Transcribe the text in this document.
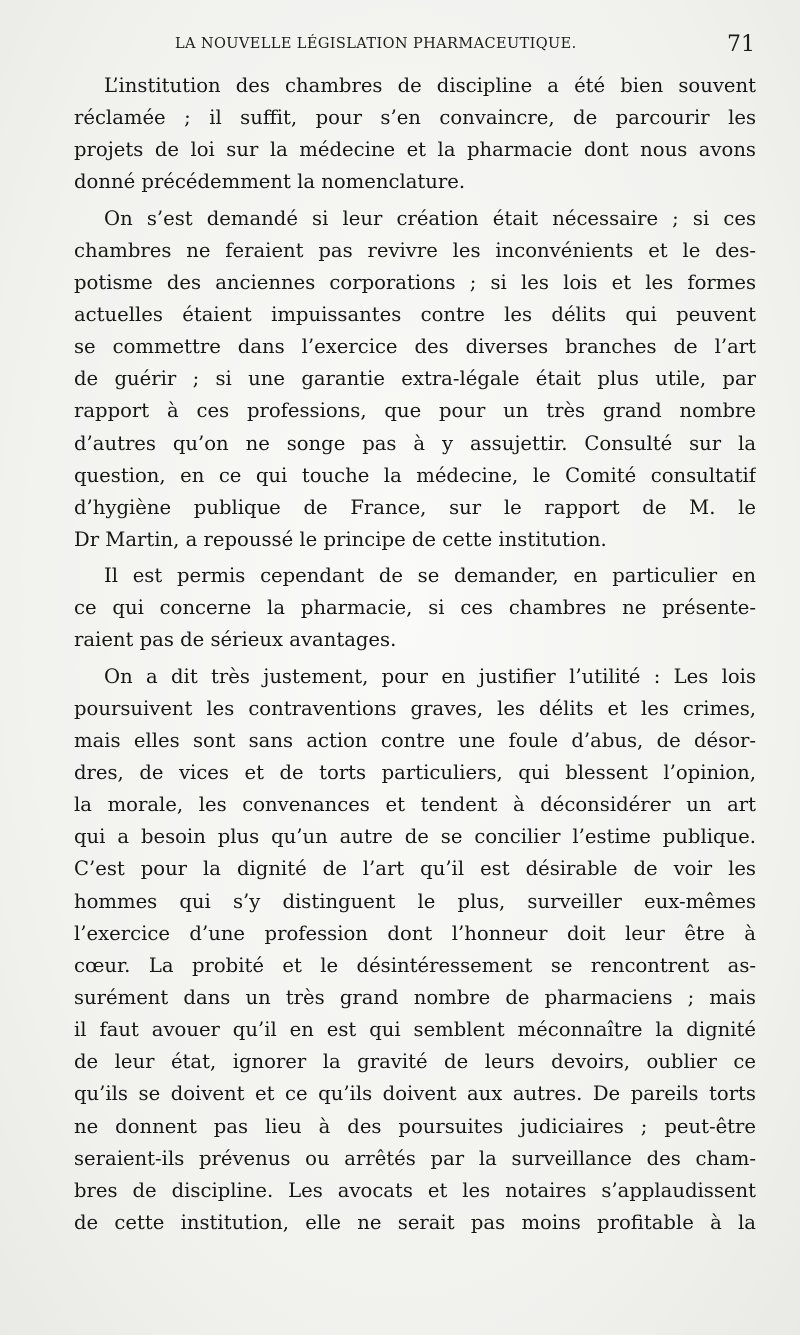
LA NOUVELLE LÉGISLATION PHARMACEUTIQUE.	71
L’institution des chambres de discipline a été bien souvent
réclamée ; il suffit, pour s’en convaincre, de parcourir les
projets de loi sur la médecine et la pharmacie dont nous avons
donné précédemment la nomenclature.
On s’est demandé si leur création était nécessaire ; si ces
chambres ne feraient pas revivre les inconvénients et le des-
potisme des anciennes corporations ; si les lois et les formes
actuelles étaient impuissantes contre les délits qui peuvent
se commettre dans l’exercice des diverses branches de l’art
de guérir ; si une garantie extra-légale était plus utile, par
rapport à ces professions, que pour un très grand nombre
d’autres qu’on ne songe pas à y assujettir. Consulté sur la
question, en ce qui touche la médecine, le Comité consultatif
d’hygiène publique de France, sur le rapport de M. le
Dr Martin, a repoussé le principe de cette institution.
Il est permis cependant de se demander, en particulier en
ce qui concerne la pharmacie, si ces chambres ne présente-
raient pas de sérieux avantages.
On a dit très justement, pour en justifier l’utilité : Les lois
poursuivent les contraventions graves, les délits et les crimes,
mais elles sont sans action contre une foule d’abus, de désor-
dres, de vices et de torts particuliers, qui blessent l’opinion,
la morale, les convenances et tendent à déconsidérer un art
qui a besoin plus qu’un autre de se concilier l’estime publique.
C’est pour la dignité de l’art qu’il est désirable de voir les
hommes qui s’y distinguent le plus, surveiller eux-mêmes
l’exercice d’une profession dont l’honneur doit leur être à
cœur. La probité et le désintéressement se rencontrent as-
surément dans un très grand nombre de pharmaciens ; mais
il faut avouer qu’il en est qui semblent méconnaître la dignité
de leur état, ignorer la gravité de leurs devoirs, oublier ce
qu’ils se doivent et ce qu’ils doivent aux autres. De pareils torts
ne donnent pas lieu à des poursuites judiciaires ; peut-être
seraient-ils prévenus ou arrêtés par la surveillance des cham-
bres de discipline. Les avocats et les notaires s’applaudissent
de cette institution, elle ne serait pas moins profitable à la
